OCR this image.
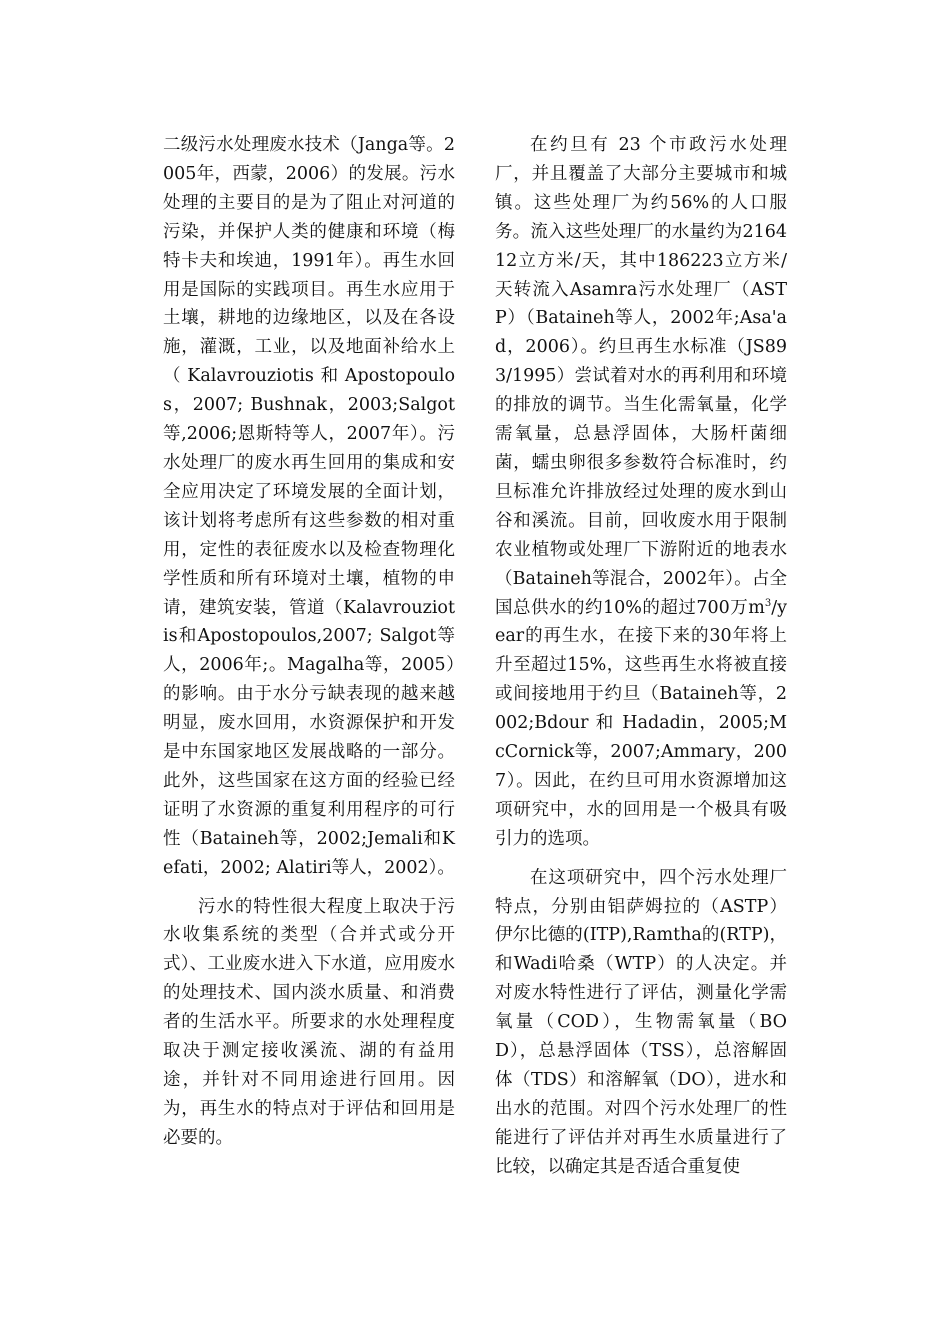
二级污水处理废水技术（Janga等。2005年，西蒙，2006）的发展。污水处理的主要目的是为了阻止对河道的污染，并保护人类的健康和环境（梅特卡夫和埃迪，1991年）。再生水回用是国际的实践项目。再生水应用于土壤，耕地的边缘地区，以及在各设施，灌溉，工业，以及地面补给水上（Kalavrouziotis和Apostopoulos，2007; Bushnak，2003;Salgot等,2006;恩斯特等人，2007年）。污水处理厂的废水再生回用的集成和安全应用决定了环境发展的全面计划，该计划将考虑所有这些参数的相对重用，定性的表征废水以及检查物理化学性质和所有环境对土壤，植物的申请，建筑安装，管道（Kalavrouziotis和Apostopoulos,2007; Salgot等人，2006年;。Magalha等，2005）的影响。由于水分亏缺表现的越来越明显，废水回用，水资源保护和开发是中东国家地区发展战略的一部分。此外，这些国家在这方面的经验已经证明了水资源的重复利用程序的可行性（Bataineh等，2002;Jemali和Kefati，2002; Alatiri等人，2002）。

污水的特性很大程度上取决于污水收集系统的类型（合并式或分开式）、工业废水进入下水道，应用废水的处理技术、国内淡水质量、和消费者的生活水平。所要求的水处理程度取决于测定接收溪流、湖的有益用途，并针对不同用途进行回用。因为，再生水的特点对于评估和回用是必要的。

在约旦有 23 个市政污水处理厂，并且覆盖了大部分主要城市和城镇。这些处理厂为约56%的人口服务。流入这些处理厂的水量约为216412立方米/天，其中186223立方米/天转流入Asamra污水处理厂（ASTP）（Bataineh等人，2002年;Asa'ad，2006）。约旦再生水标准（JS893/1995）尝试着对水的再利用和环境的排放的调节。当生化需氧量，化学需氧量，总悬浮固体，大肠杆菌细菌，蠕虫卵很多参数符合标准时，约旦标准允许排放经过处理的废水到山谷和溪流。目前，回收废水用于限制农业植物或处理厂下游附近的地表水（Bataineh等混合，2002年）。占全国总供水的约10%的超过700万$m^3$/year的再生水，在接下来的30年将上升至超过15%，这些再生水将被直接或间接地用于约旦（Bataineh等，2002;Bdour 和 Hadadin，2005;McCornick等，2007;Ammary，2007）。因此，在约旦可用水资源增加这项研究中，水的回用是一个极具有吸引力的选项。

在这项研究中，四个污水处理厂特点，分别由铝萨姆拉的（ASTP）伊尔比德的(ITP),Ramtha的(RTP)，和Wadi哈桑（WTP）的人决定。并对废水特性进行了评估，测量化学需氧量（COD），生物需氧量（BOD），总悬浮固体（TSS），总溶解固体（TDS）和溶解氧（DO），进水和出水的范围。对四个污水处理厂的性能进行了评估并对再生水质量进行了比较，以确定其是否适合重复使
